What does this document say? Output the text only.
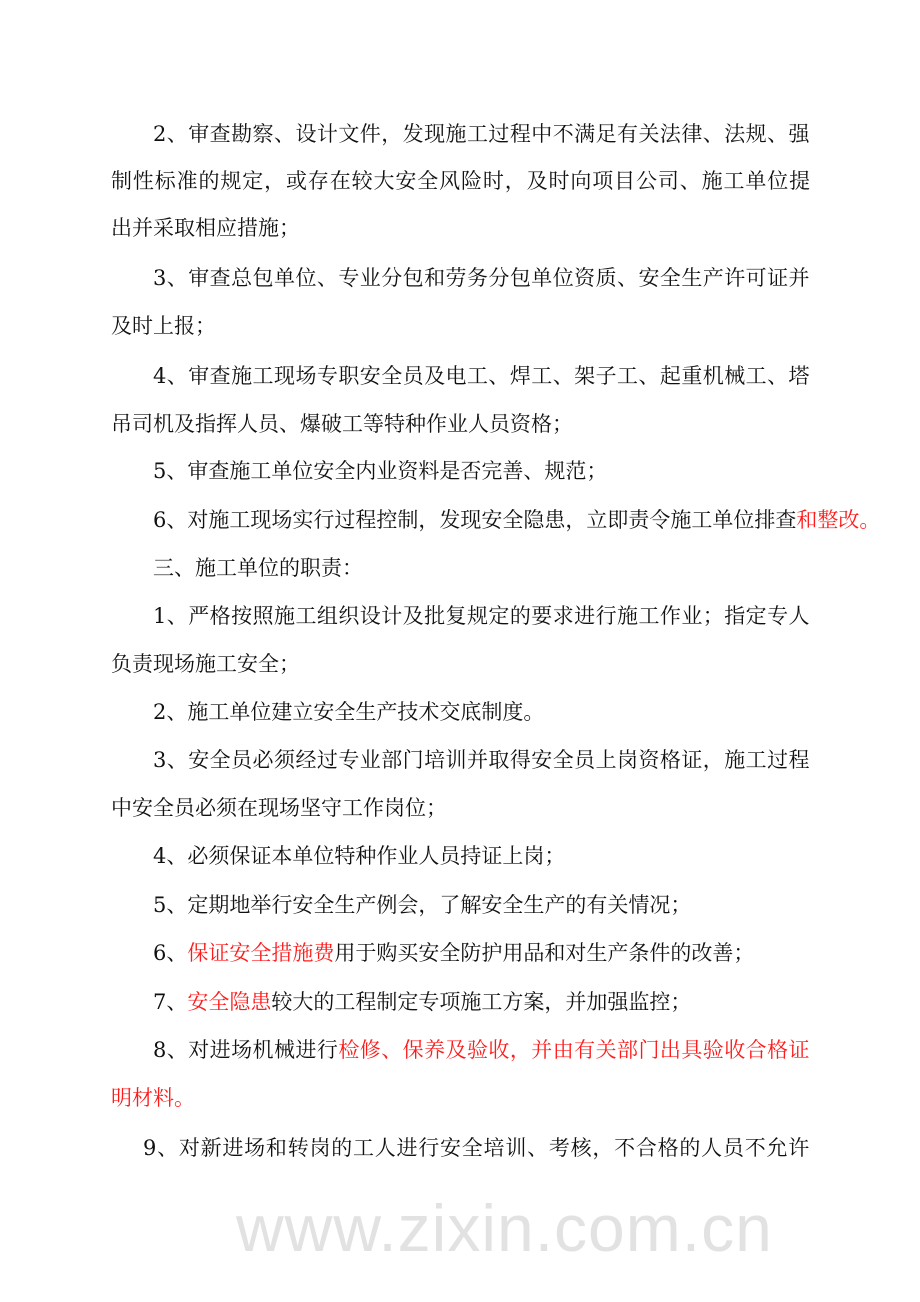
www.zixin.com.cn
2、审查勘察、设计文件，发现施工过程中不满足有关法律、法规、强
制性标准的规定，或存在较大安全风险时，及时向项目公司、施工单位提
出并采取相应措施；
3、审查总包单位、专业分包和劳务分包单位资质、安全生产许可证并
及时上报；
4、审查施工现场专职安全员及电工、焊工、架子工、起重机械工、塔
吊司机及指挥人员、爆破工等特种作业人员资格；
5、审查施工单位安全内业资料是否完善、规范；
6、对施工现场实行过程控制，发现安全隐患，立即责令施工单位排查和整改。
三、施工单位的职责：
1、严格按照施工组织设计及批复规定的要求进行施工作业；指定专人
负责现场施工安全；
2、施工单位建立安全生产技术交底制度。
3、安全员必须经过专业部门培训并取得安全员上岗资格证，施工过程
中安全员必须在现场坚守工作岗位；
4、必须保证本单位特种作业人员持证上岗；
5、定期地举行安全生产例会，了解安全生产的有关情况；
6、保证安全措施费用于购买安全防护用品和对生产条件的改善；
7、安全隐患较大的工程制定专项施工方案，并加强监控；
8、对进场机械进行检修、保养及验收，并由有关部门出具验收合格证
明材料。
9、对新进场和转岗的工人进行安全培训、考核，不合格的人员不允许
